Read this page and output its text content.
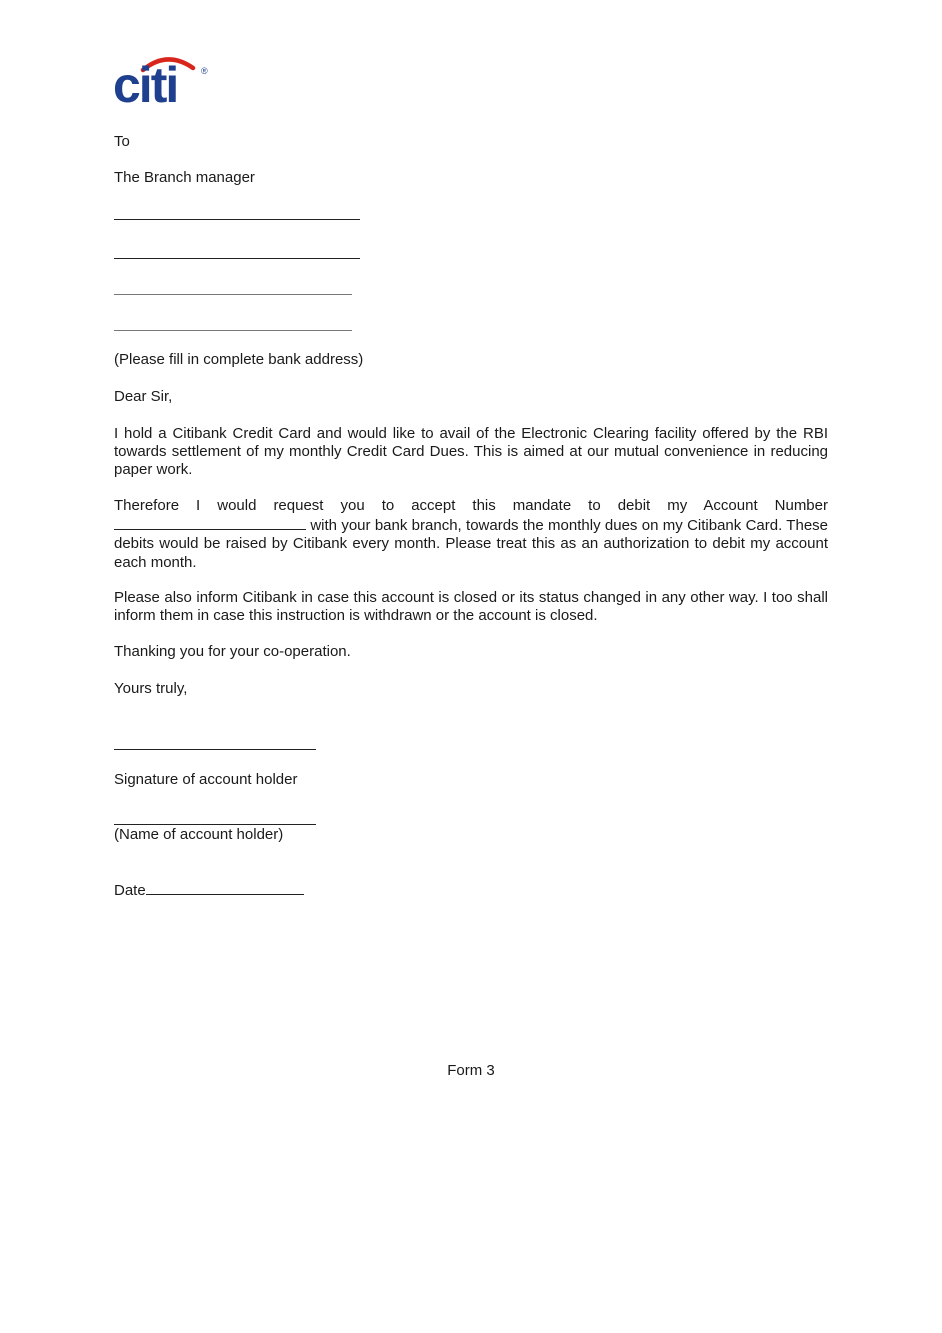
citi	®
To
The Branch manager
(Please fill in complete bank address)
Dear Sir,
I hold a Citibank Credit Card and would like to avail of the Electronic Clearing facility offered by the RBI towards settlement of my monthly Credit Card Dues. This is aimed at our mutual convenience in reducing paper work.
Therefore I would request you to accept this mandate to debit my Account Number with your bank branch, towards the monthly dues on my Citibank Card. These debits would be raised by Citibank every month. Please treat this as an authorization to debit my account each month.
Please also inform Citibank in case this account is closed or its status changed in any other way. I too shall inform them in case this instruction is withdrawn or the account is closed.
Thanking you for your co-operation.
Yours truly,
Signature of account holder
(Name of account holder)
Date
Form 3
